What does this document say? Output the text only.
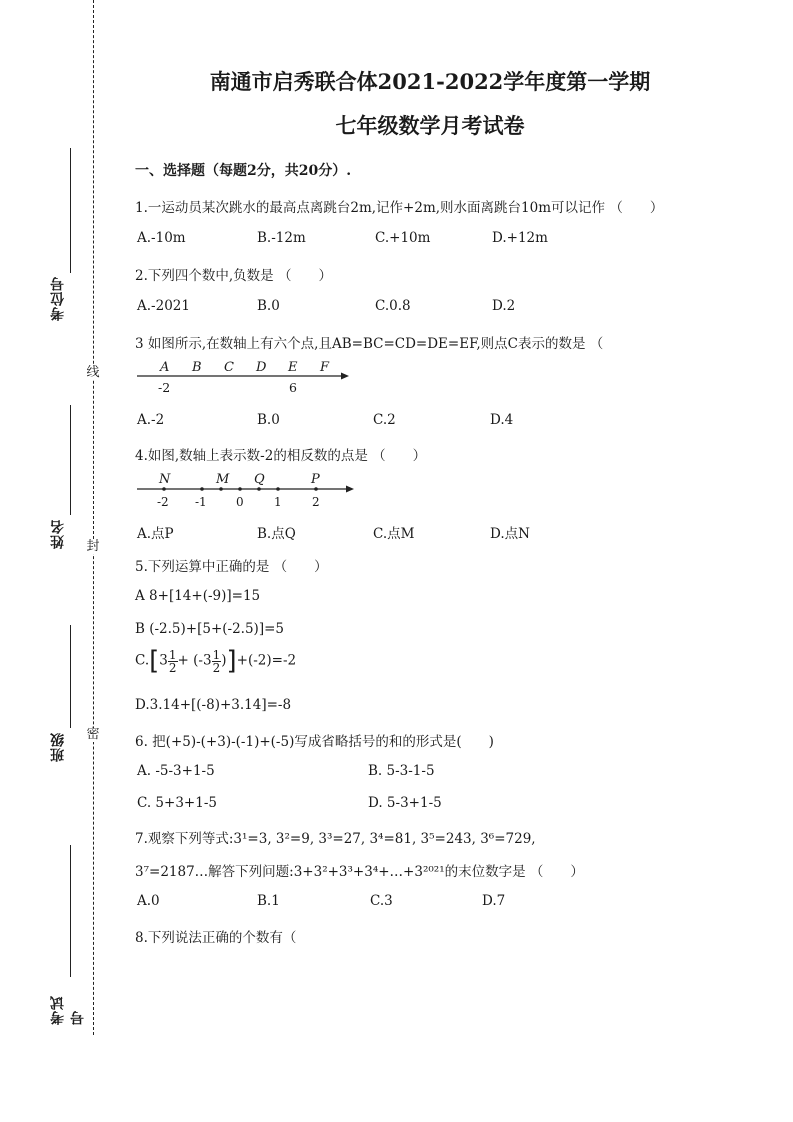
线
封
密
考位号
姓名
班级
考试号
南通市启秀联合体2021-2022学年度第一学期
七年级数学月考试卷
一、选择题（每题2分，共20分）.
1.一运动员某次跳水的最高点离跳台2m,记作+2m,则水面离跳台10m可以记作 （　　）
A.-10m	B.-12m	C.+10m	D.+12m
2.下列四个数中,负数是 （　　）
A.-2021	B.0	C.0.8	D.2
3 如图所示,在数轴上有六个点,且AB=BC=CD=DE=EF,则点C表示的数是 （
A B C D E F
-2	6
A.-2	B.0	C.2	D.4
4.如图,数轴上表示数-2的相反数的点是 （　　）
N	M Q	P
-2 -1 0	1	2
A.点P	B.点Q	C.点M	D.点N
5.下列运算中正确的是 （　　）
A 8+[14+(-9)]=15
B (-2.5)+[5+(-2.5)]=5
$C.[3 \frac{1}{2} + (-3 \frac{1}{2} )]+(-2)=-2$
D.3.14+[(-8)+3.14]=-8
6. 把(+5)-(+3)-(-1)+(-5)写成省略括号的和的形式是(　　)
A. -5-3+1-5	B. 5-3-1-5
C. 5+3+1-5	D. 5-3+1-5
7.观察下列等式:3¹=3, 3²=9, 3³=27, 3⁴=81, 3⁵=243, 3⁶=729,
3⁷=2187…解答下列问题:3+3²+3³+3⁴+…+3²⁰²¹的末位数字是 （　　）
A.0	B.1	C.3	D.7
8.下列说法正确的个数有（
